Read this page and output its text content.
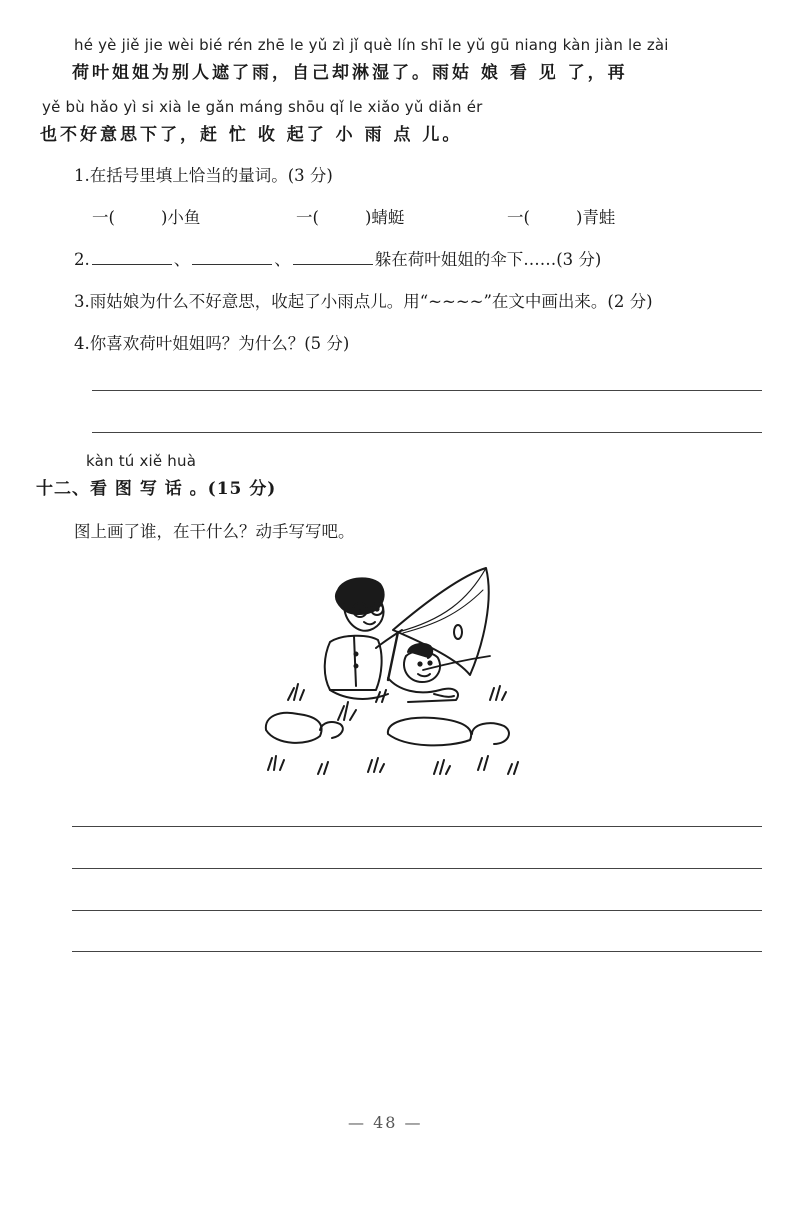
hé yè jiě jie wèi bié rén zhē le yǔ zì jǐ què lín shī le yǔ gū niang kàn jiàn le zài
荷叶姐姐为别人遮了雨，自己却淋湿了。雨姑 娘 看 见 了，再
yě bù hǎo yì si xià le gǎn máng shōu qǐ le xiǎo yǔ diǎn ér
也不好意思下了，赶 忙 收 起了 小 雨 点 儿。
1.在括号里填上恰当的量词。(3 分)
一(	)小鱼	一(	)蜻蜓	一(	)青蛙
2.	、	、	躲在荷叶姐姐的伞下……(3 分)
3.雨姑娘为什么不好意思，收起了小雨点儿。用“~~~~”在文中画出来。(2 分)
4.你喜欢荷叶姐姐吗？为什么？(5 分)
kàn tú xiě huà
十二、看 图 写 话 。(15 分)
图上画了谁，在干什么？动手写写吧。
— 48 —
